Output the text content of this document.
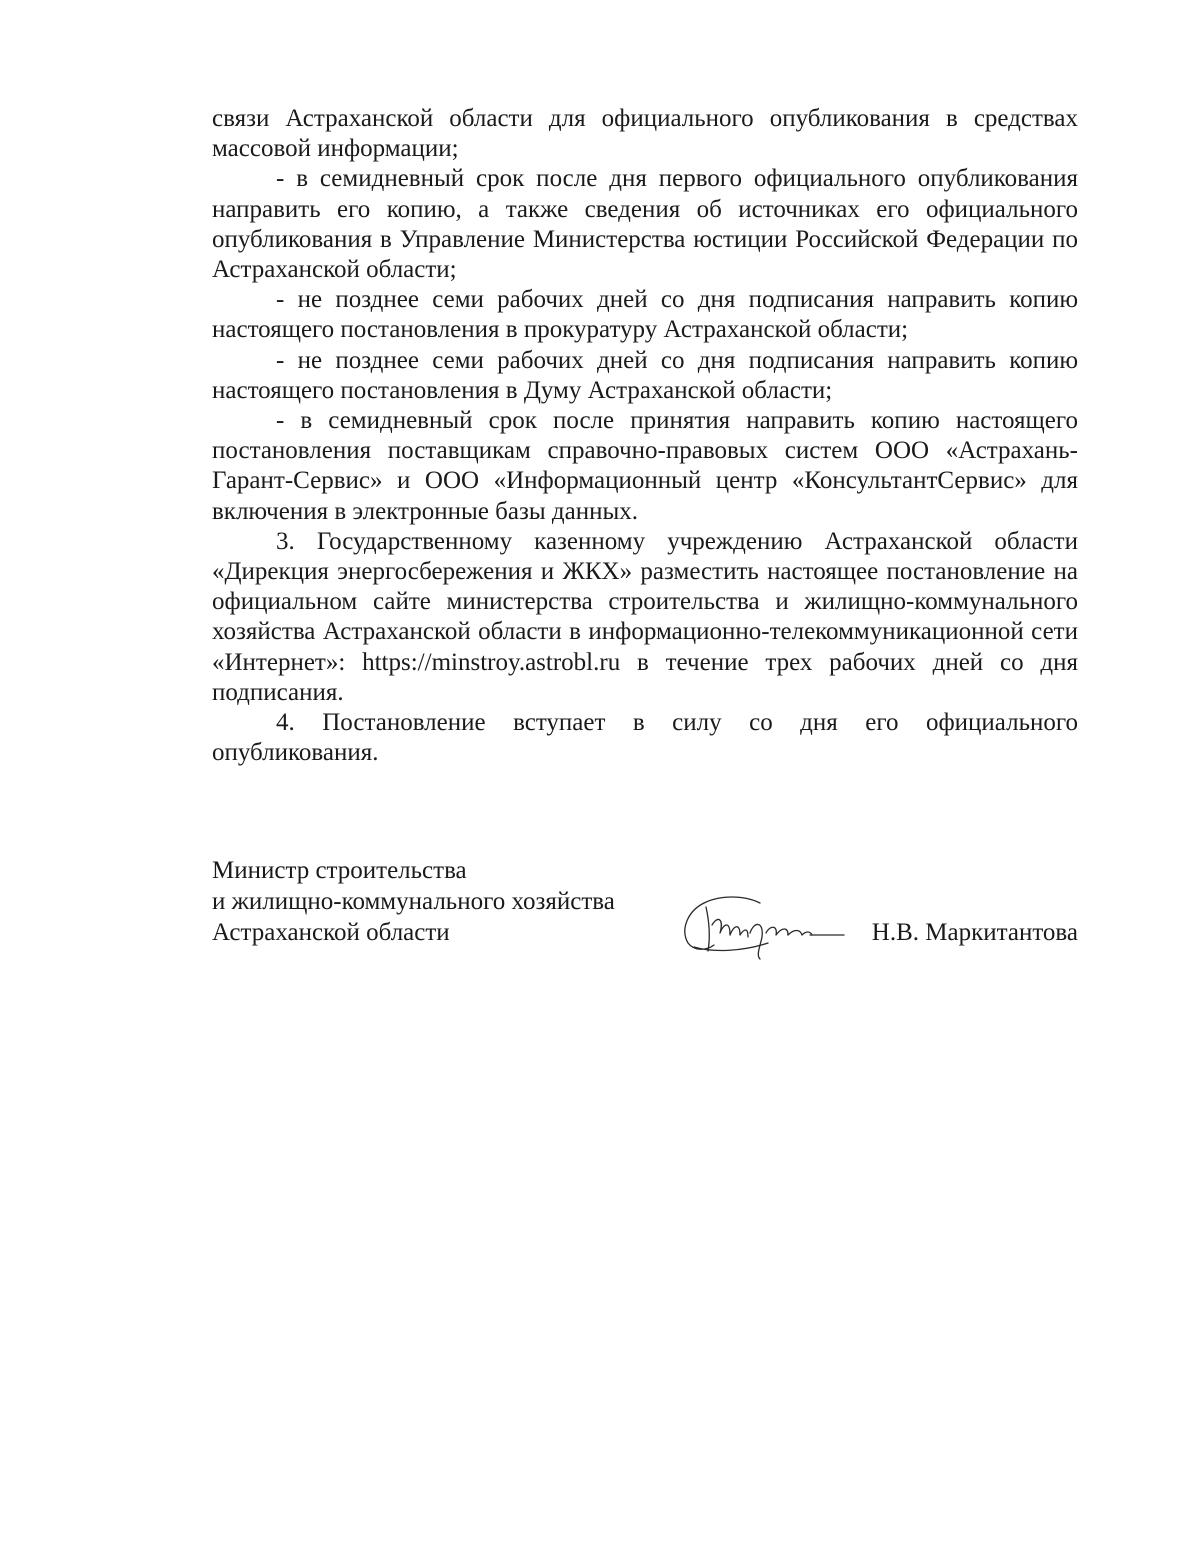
связи Астраханской области для официального опубликования в средствах массовой информации;

- в семидневный срок после дня первого официального опубликования направить его копию, а также сведения об источниках его официального опубликования в Управление Министерства юстиции Российской Федерации по Астраханской области;

- не позднее семи рабочих дней со дня подписания направить копию настоящего постановления в прокуратуру Астраханской области;

- не позднее семи рабочих дней со дня подписания направить копию настоящего постановления в Думу Астраханской области;

- в семидневный срок после принятия направить копию настоящего постановления поставщикам справочно-правовых систем ООО «Астрахань-Гарант-Сервис» и ООО «Информационный центр «КонсультантСервис» для включения в электронные базы данных.

3. Государственному казенному учреждению Астраханской области «Дирекция энергосбережения и ЖКХ» разместить настоящее постановление на официальном сайте министерства строительства и жилищно-коммунального хозяйства Астраханской области в информационно-телекоммуникационной сети «Интернет»: https://minstroy.astrobl.ru в течение трех рабочих дней со дня подписания.

4. Постановление вступает в силу со дня его официального опубликования.

Министр строительства
и жилищно-коммунального хозяйства
Астраханской области	Н.В. Маркитантова
